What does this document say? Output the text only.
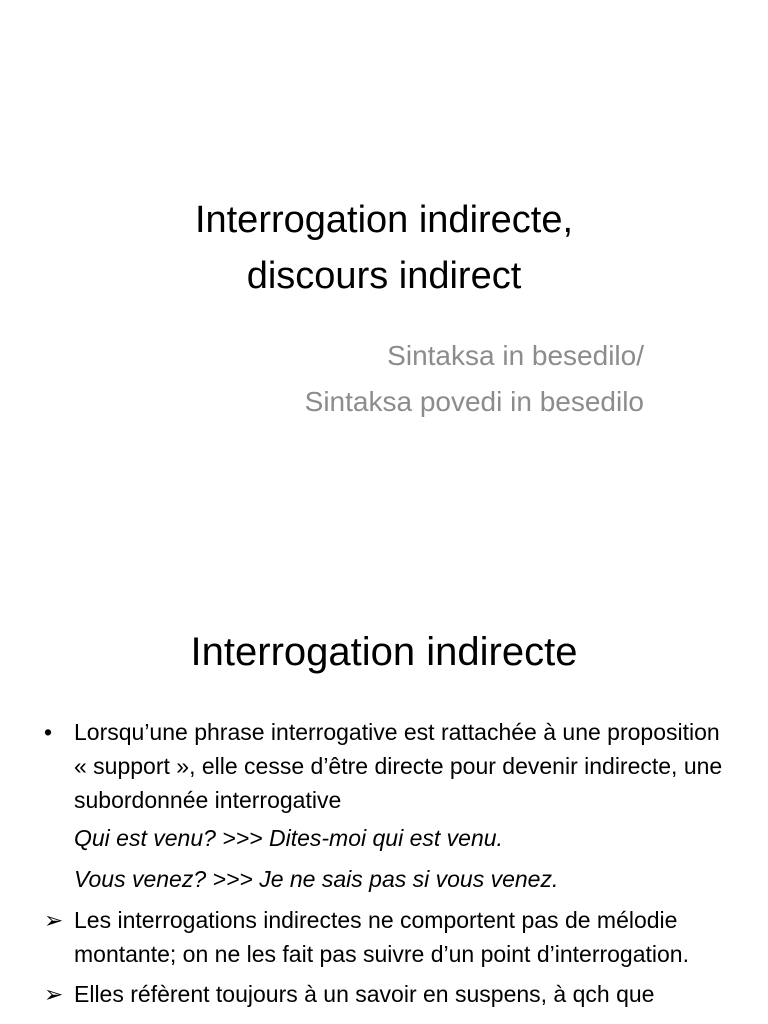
Interrogation indirecte,
discours indirect
Sintaksa in besedilo/
Sintaksa povedi in besedilo
Interrogation indirecte
• Lorsqu’une phrase interrogative est rattachée à une proposition « support », elle cesse d’être directe pour devenir indirecte, une subordonnée interrogative
Qui est venu? >>> Dites-moi qui est venu.
Vous venez? >>> Je ne sais pas si vous venez.
➢ Les interrogations indirectes ne comportent pas de mélodie montante; on ne les fait pas suivre d’un point d’interrogation.
➢ Elles réfèrent toujours à un savoir en suspens, à qch que
